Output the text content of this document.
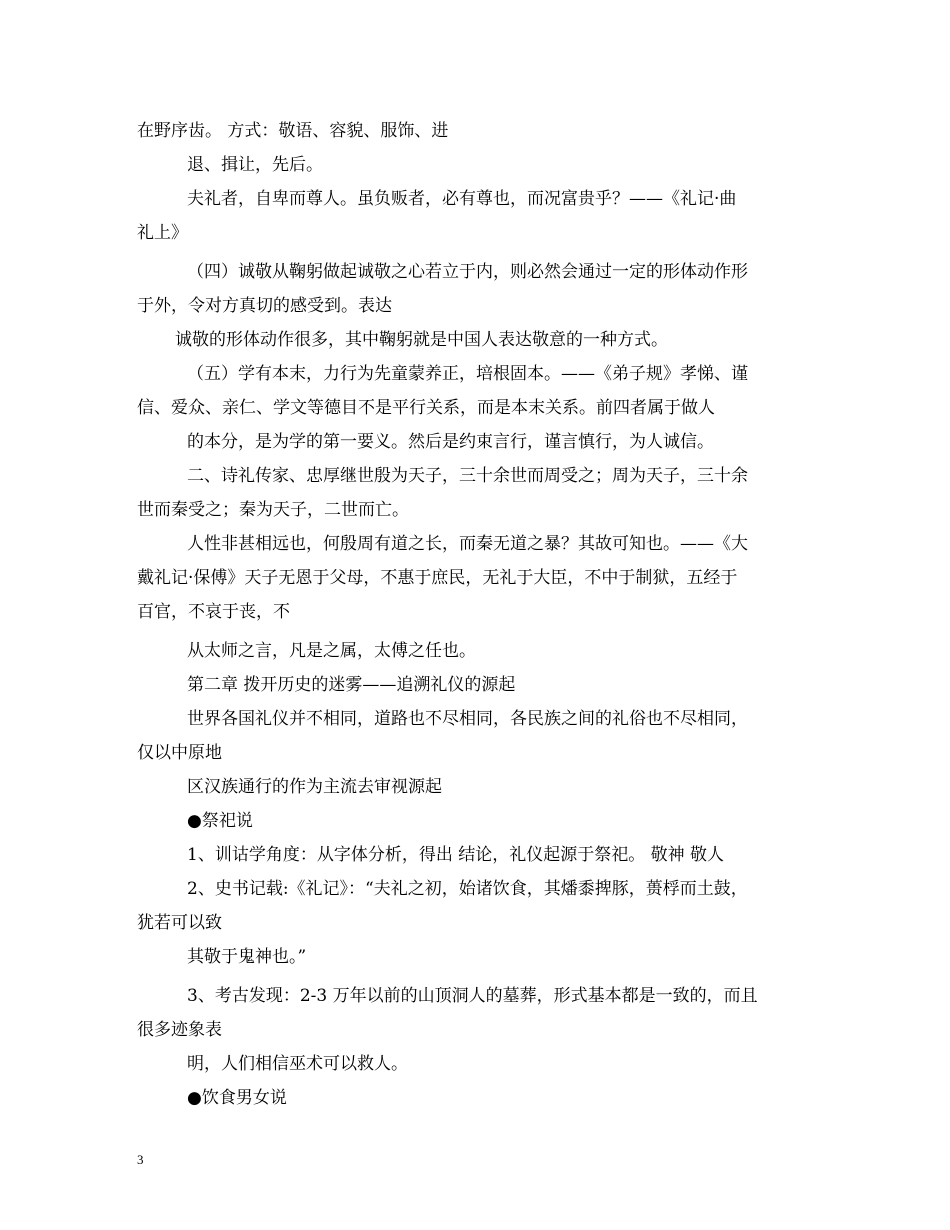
在野序齿。 方式：敬语、容貌、服饰、进
退、揖让，先后。
夫礼者，自卑而尊人。虽负贩者，必有尊也，而况富贵乎？——《礼记·曲
礼上》
（四）诚敬从鞠躬做起诚敬之心若立于内，则必然会通过一定的形体动作形
于外，令对方真切的感受到。表达
诚敬的形体动作很多，其中鞠躬就是中国人表达敬意的一种方式。
（五）学有本末，力行为先童蒙养正，培根固本。——《弟子规》孝悌、谨
信、爱众、亲仁、学文等德目不是平行关系，而是本末关系。前四者属于做人
的本分，是为学的第一要义。然后是约束言行，谨言慎行，为人诚信。
二、诗礼传家、忠厚继世殷为天子，三十余世而周受之；周为天子，三十余
世而秦受之；秦为天子，二世而亡。
人性非甚相远也，何殷周有道之长，而秦无道之暴？其故可知也。——《大
戴礼记·保傅》天子无恩于父母，不惠于庶民，无礼于大臣，不中于制狱，五经于
百官，不哀于丧，不
从太师之言，凡是之属，太傅之任也。
第二章 拨开历史的迷雾——追溯礼仪的源起
世界各国礼仪并不相同，道路也不尽相同，各民族之间的礼俗也不尽相同，
仅以中原地
区汉族通行的作为主流去审视源起
●祭祀说
1、训诂学角度：从字体分析，得出 结论，礼仪起源于祭祀。 敬神 敬人
2、史书记载:《礼记》：“夫礼之初，始诸饮食，其燔黍捭豚，蒉桴而土鼓，
犹若可以致
其敬于鬼神也。”
3、考古发现：2-3 万年以前的山顶洞人的墓葬，形式基本都是一致的，而且
很多迹象表
明，人们相信巫术可以救人。
●饮食男女说
3
